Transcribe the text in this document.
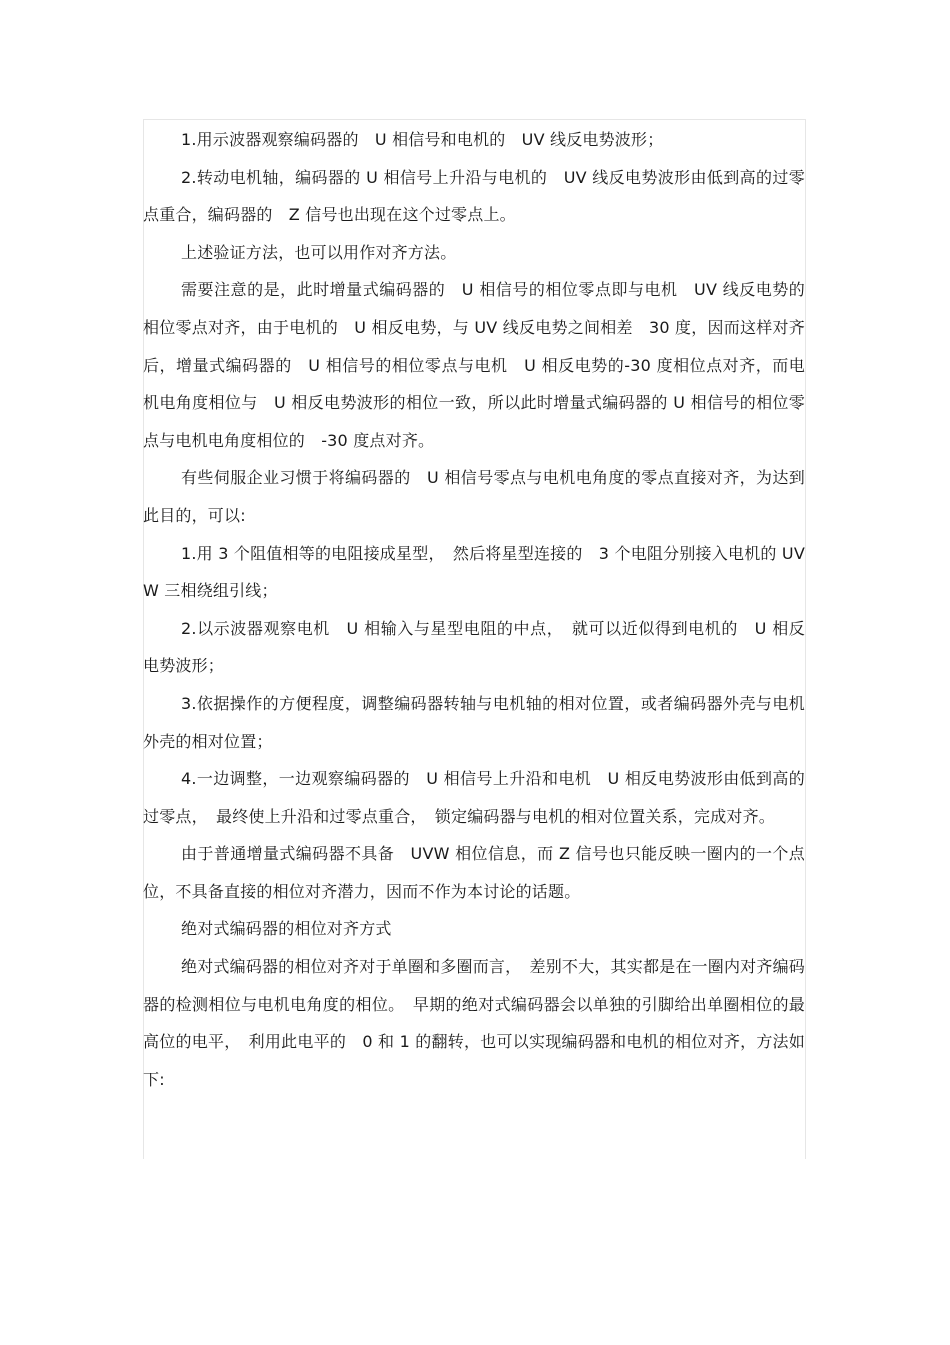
1.用示波器观察编码器的　U 相信号和电机的　UV 线反电势波形；

2.转动电机轴，编码器的 U 相信号上升沿与电机的　UV 线反电势波形由低到高的过零点重合，编码器的　Z 信号也出现在这个过零点上。

上述验证方法，也可以用作对齐方法。

需要注意的是，此时增量式编码器的　U 相信号的相位零点即与电机　UV 线反电势的相位零点对齐，由于电机的　U 相反电势，与 UV 线反电势之间相差　30 度，因而这样对齐后，增量式编码器的　U 相信号的相位零点与电机　U 相反电势的-30 度相位点对齐，而电机电角度相位与　U 相反电势波形的相位一致，所以此时增量式编码器的 U 相信号的相位零点与电机电角度相位的　-30 度点对齐。

有些伺服企业习惯于将编码器的　U 相信号零点与电机电角度的零点直接对齐，为达到此目的，可以:

1.用 3 个阻值相等的电阻接成星型，　然后将星型连接的　3 个电阻分别接入电机的 UVW 三相绕组引线；

2.以示波器观察电机　U 相输入与星型电阻的中点，　就可以近似得到电机的　U 相反电势波形；

3.依据操作的方便程度，调整编码器转轴与电机轴的相对位置，或者编码器外壳与电机外壳的相对位置；

4.一边调整，一边观察编码器的　U 相信号上升沿和电机　U 相反电势波形由低到高的过零点，　最终使上升沿和过零点重合，　锁定编码器与电机的相对位置关系，完成对齐。

由于普通增量式编码器不具备　UVW 相位信息，而 Z 信号也只能反映一圈内的一个点位，不具备直接的相位对齐潜力，因而不作为本讨论的话题。

绝对式编码器的相位对齐方式

绝对式编码器的相位对齐对于单圈和多圈而言，　差别不大，其实都是在一圈内对齐编码器的检测相位与电机电角度的相位。　早期的绝对式编码器会以单独的引脚给出单圈相位的最高位的电平，　利用此电平的　0 和 1 的翻转，也可以实现编码器和电机的相位对齐，方法如下:
